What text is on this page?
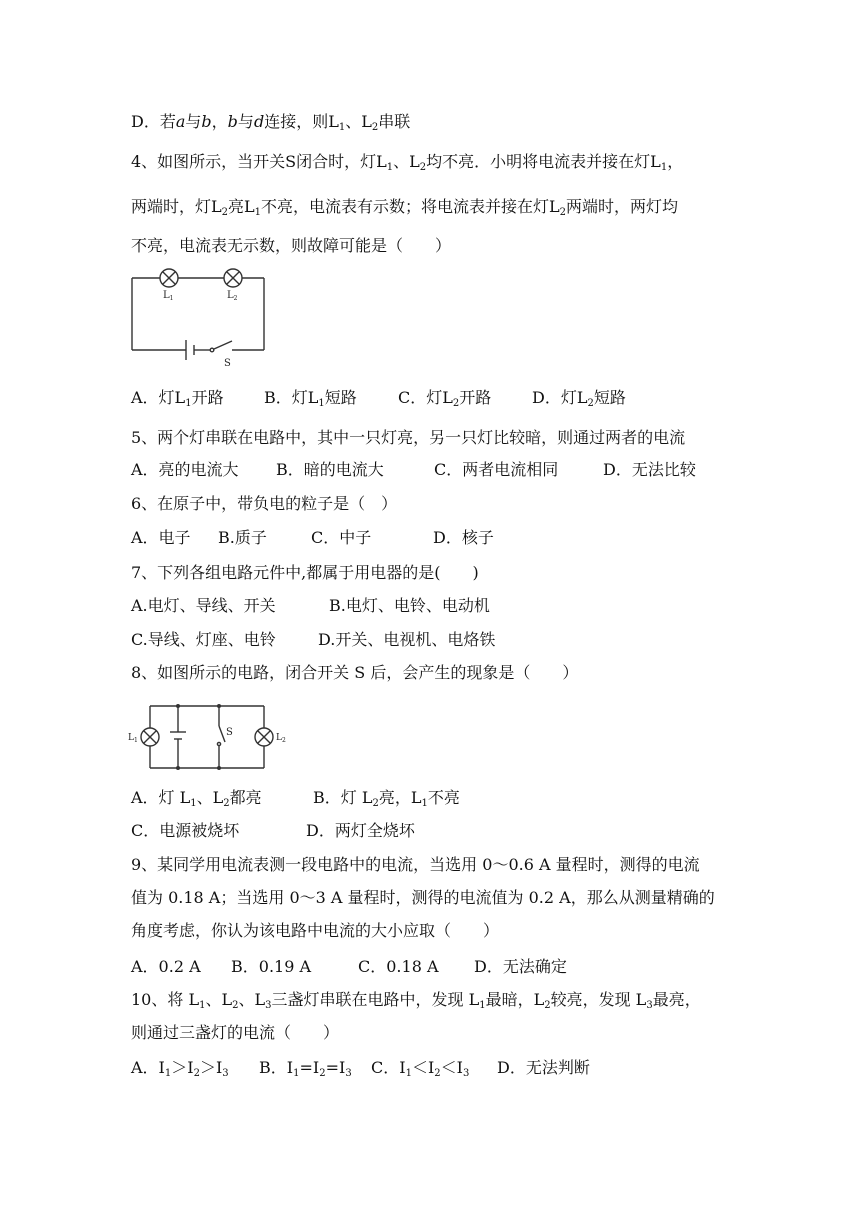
D．若a与b，b与d连接，则$L_1$、$L_2$串联
4、如图所示，当开关S闭合时，灯$L_1$、$L_2$均不亮．小明将电流表并接在灯$L_1$，
两端时，灯$L_2$亮$L_1$不亮，电流表有示数；将电流表并接在灯$L_2$两端时，两灯均
不亮，电流表无示数，则故障可能是（　　）
$L_1$	$L_2$
S
A．灯$L_1$开路	B．灯$L_1$短路	C．灯$L_2$开路	D．灯$L_2$短路
5、两个灯串联在电路中，其中一只灯亮，另一只灯比较暗，则通过两者的电流
A．亮的电流大 B．暗的电流大	C．两者电流相同	D．无法比较
6、在原子中，带负电的粒子是（　）
A．电子 B.质子	C．中子	D．核子
7、下列各组电路元件中,都属于用电器的是(　　)
A.电灯、导线、开关	B.电灯、电铃、电动机
C.导线、灯座、电铃	D.开关、电视机、电烙铁
8、如图所示的电路，闭合开关 S 后，会产生的现象是（　　）
$L_1$
S	$L_2$
A．灯 $L_1$、$L_2$都亮	B．灯 $L_2$亮，$L_1$不亮
C．电源被烧坏	D．两灯全烧坏
9、某同学用电流表测一段电路中的电流，当选用 0～0.6 A 量程时，测得的电流
值为 0.18 A；当选用 0～3 A 量程时，测得的电流值为 0.2 A，那么从测量精确的
角度考虑，你认为该电路中电流的大小应取（　　）
A．0.2 A B．0.19 A	C．0.18 A D．无法确定
10、将 $L_1$、$L_2$、$L_3$三盏灯串联在电路中，发现 $L_1$最暗，$L_2$较亮，发现 $L_3$最亮，
则通过三盏灯的电流（　　）
A．$I_1>I_2>I_3$ B．$I_1=I_2=I_3$ C．$I_1<I_2<I_3$ D．无法判断
